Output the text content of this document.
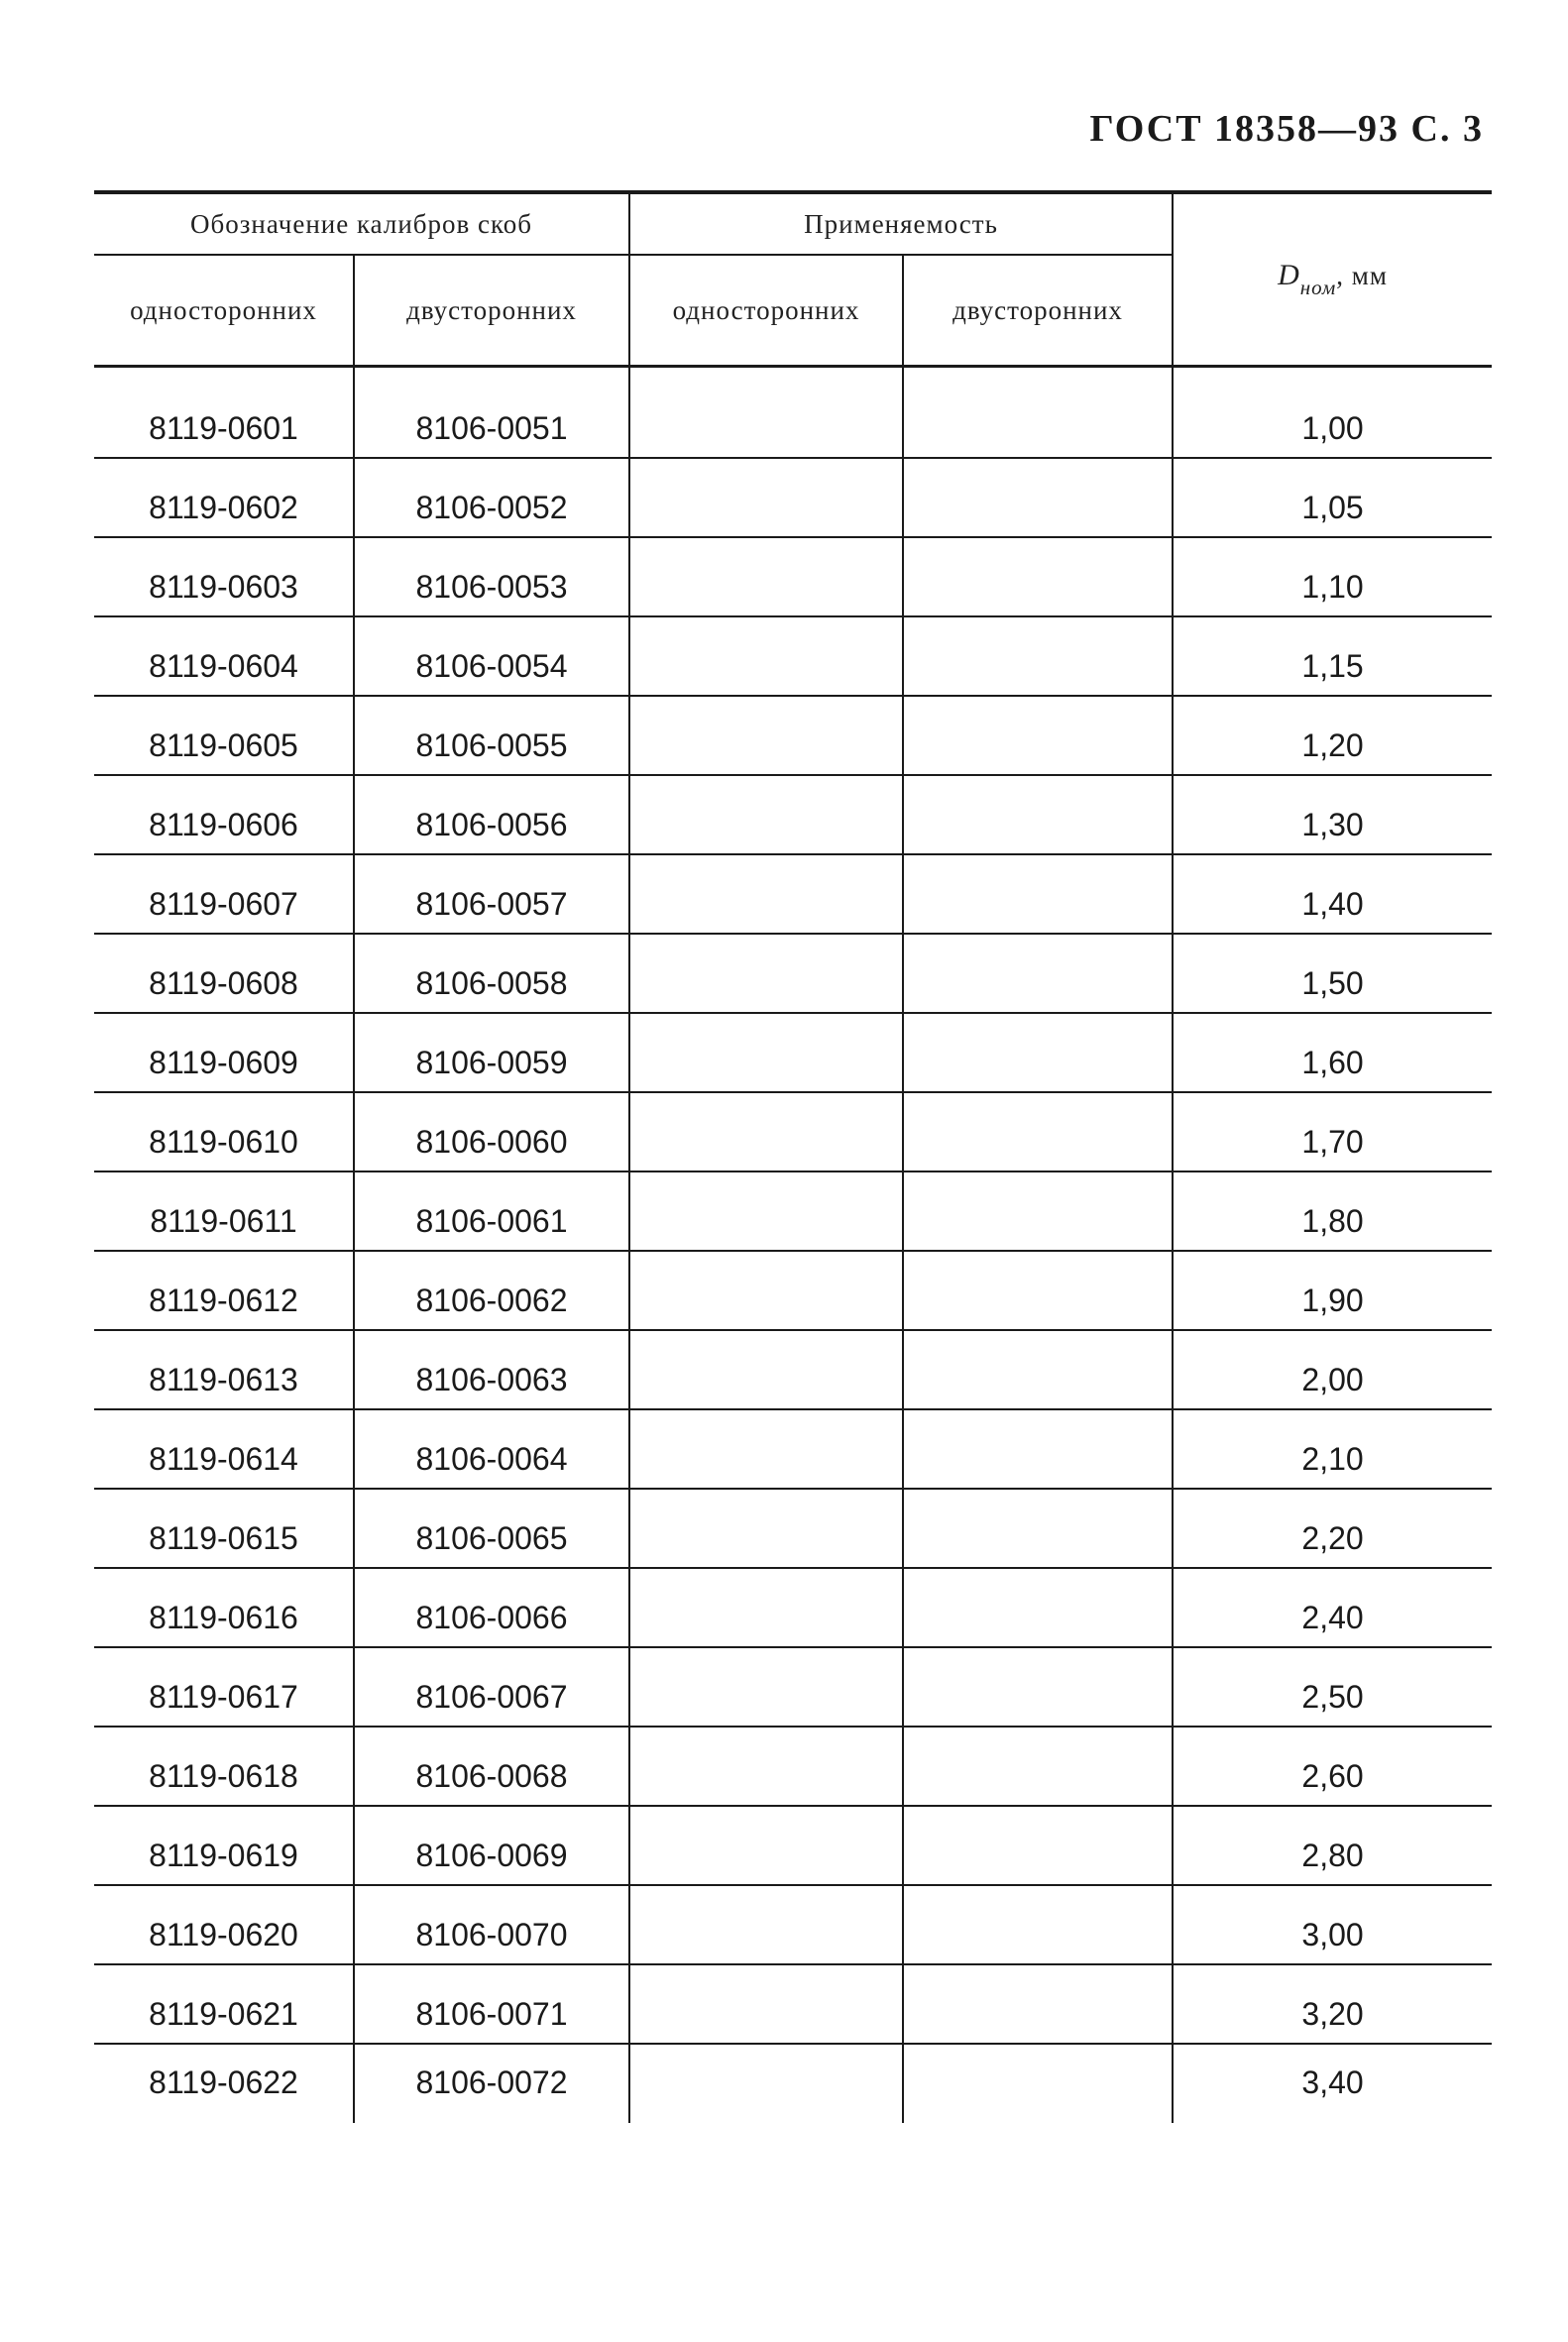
ГОСТ 18358—93 С. 3
Обозначение калибров скоб		Применяемость		$D_{ном}$, мм
односторонних	двусторонних	односторонних	двусторонних	
8119-0601	8106-0051			1,00
8119-0602	8106-0052			1,05
8119-0603	8106-0053			1,10
8119-0604	8106-0054			1,15
8119-0605	8106-0055			1,20
8119-0606	8106-0056			1,30
8119-0607	8106-0057			1,40
8119-0608	8106-0058			1,50
8119-0609	8106-0059			1,60
8119-0610	8106-0060			1,70
8119-0611	8106-0061			1,80
8119-0612	8106-0062			1,90
8119-0613	8106-0063			2,00
8119-0614	8106-0064			2,10
8119-0615	8106-0065			2,20
8119-0616	8106-0066			2,40
8119-0617	8106-0067			2,50
8119-0618	8106-0068			2,60
8119-0619	8106-0069			2,80
8119-0620	8106-0070			3,00
8119-0621	8106-0071			3,20
8119-0622	8106-0072			3,40
